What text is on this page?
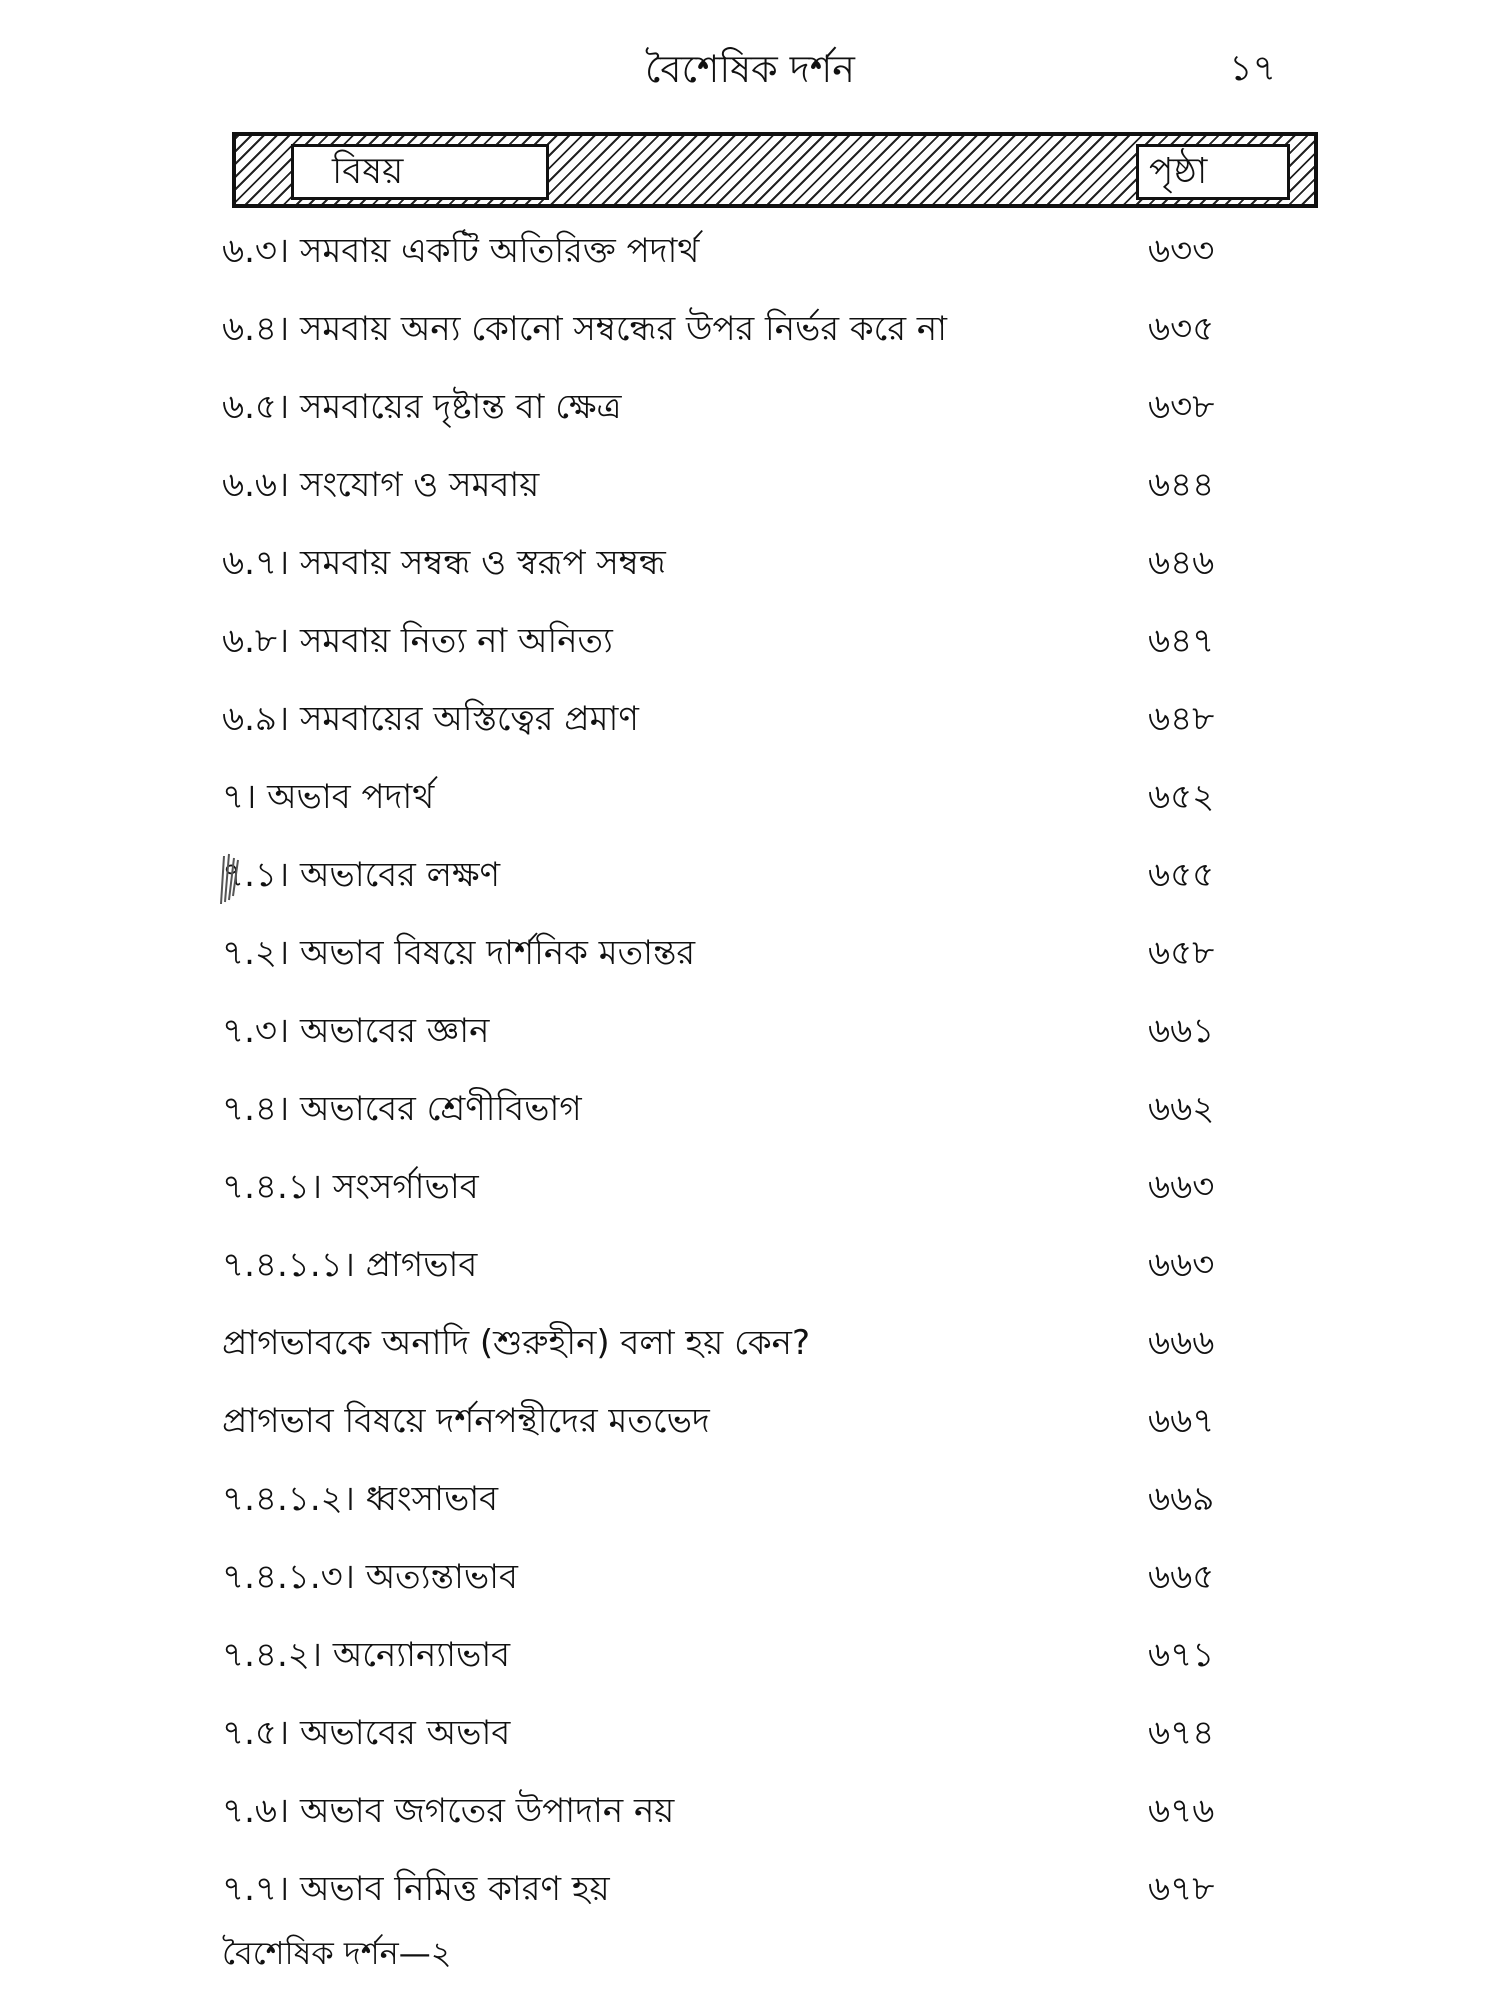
বৈশেষিক দর্শন	১৭
বিষয়	পৃষ্ঠা
৬.৩। সমবায় একটি অতিরিক্ত পদার্থ	৬৩৩
৬.৪। সমবায় অন্য কোনো সম্বন্ধের উপর নির্ভর করে না	৬৩৫
৬.৫। সমবায়ের দৃষ্টান্ত বা ক্ষেত্র	৬৩৮
৬.৬। সংযোগ ও সমবায়	৬৪৪
৬.৭। সমবায় সম্বন্ধ ও স্বরূপ সম্বন্ধ	৬৪৬
৬.৮। সমবায় নিত্য না অনিত্য	৬৪৭
৬.৯। সমবায়ের অস্তিত্বের প্রমাণ	৬৪৮
৭। অভাব পদার্থ	৬৫২
৭.১। অভাবের লক্ষণ	৬৫৫
৭.২। অভাব বিষয়ে দার্শনিক মতান্তর	৬৫৮
৭.৩। অভাবের জ্ঞান	৬৬১
৭.৪। অভাবের শ্রেণীবিভাগ	৬৬২
৭.৪.১। সংসর্গাভাব	৬৬৩
৭.৪.১.১। প্রাগভাব	৬৬৩
প্রাগভাবকে অনাদি (শুরুহীন) বলা হয় কেন?	৬৬৬
প্রাগভাব বিষয়ে দর্শনপন্থীদের মতভেদ	৬৬৭
৭.৪.১.২। ধ্বংসাভাব	৬৬৯
৭.৪.১.৩। অত্যন্তাভাব	৬৬৫
৭.৪.২। অন্যোন্যাভাব	৬৭১
৭.৫। অভাবের অভাব	৬৭৪
৭.৬। অভাব জগতের উপাদান নয়	৬৭৬
৭.৭। অভাব নিমিত্ত কারণ হয়	৬৭৮
বৈশেষিক দর্শন—২
